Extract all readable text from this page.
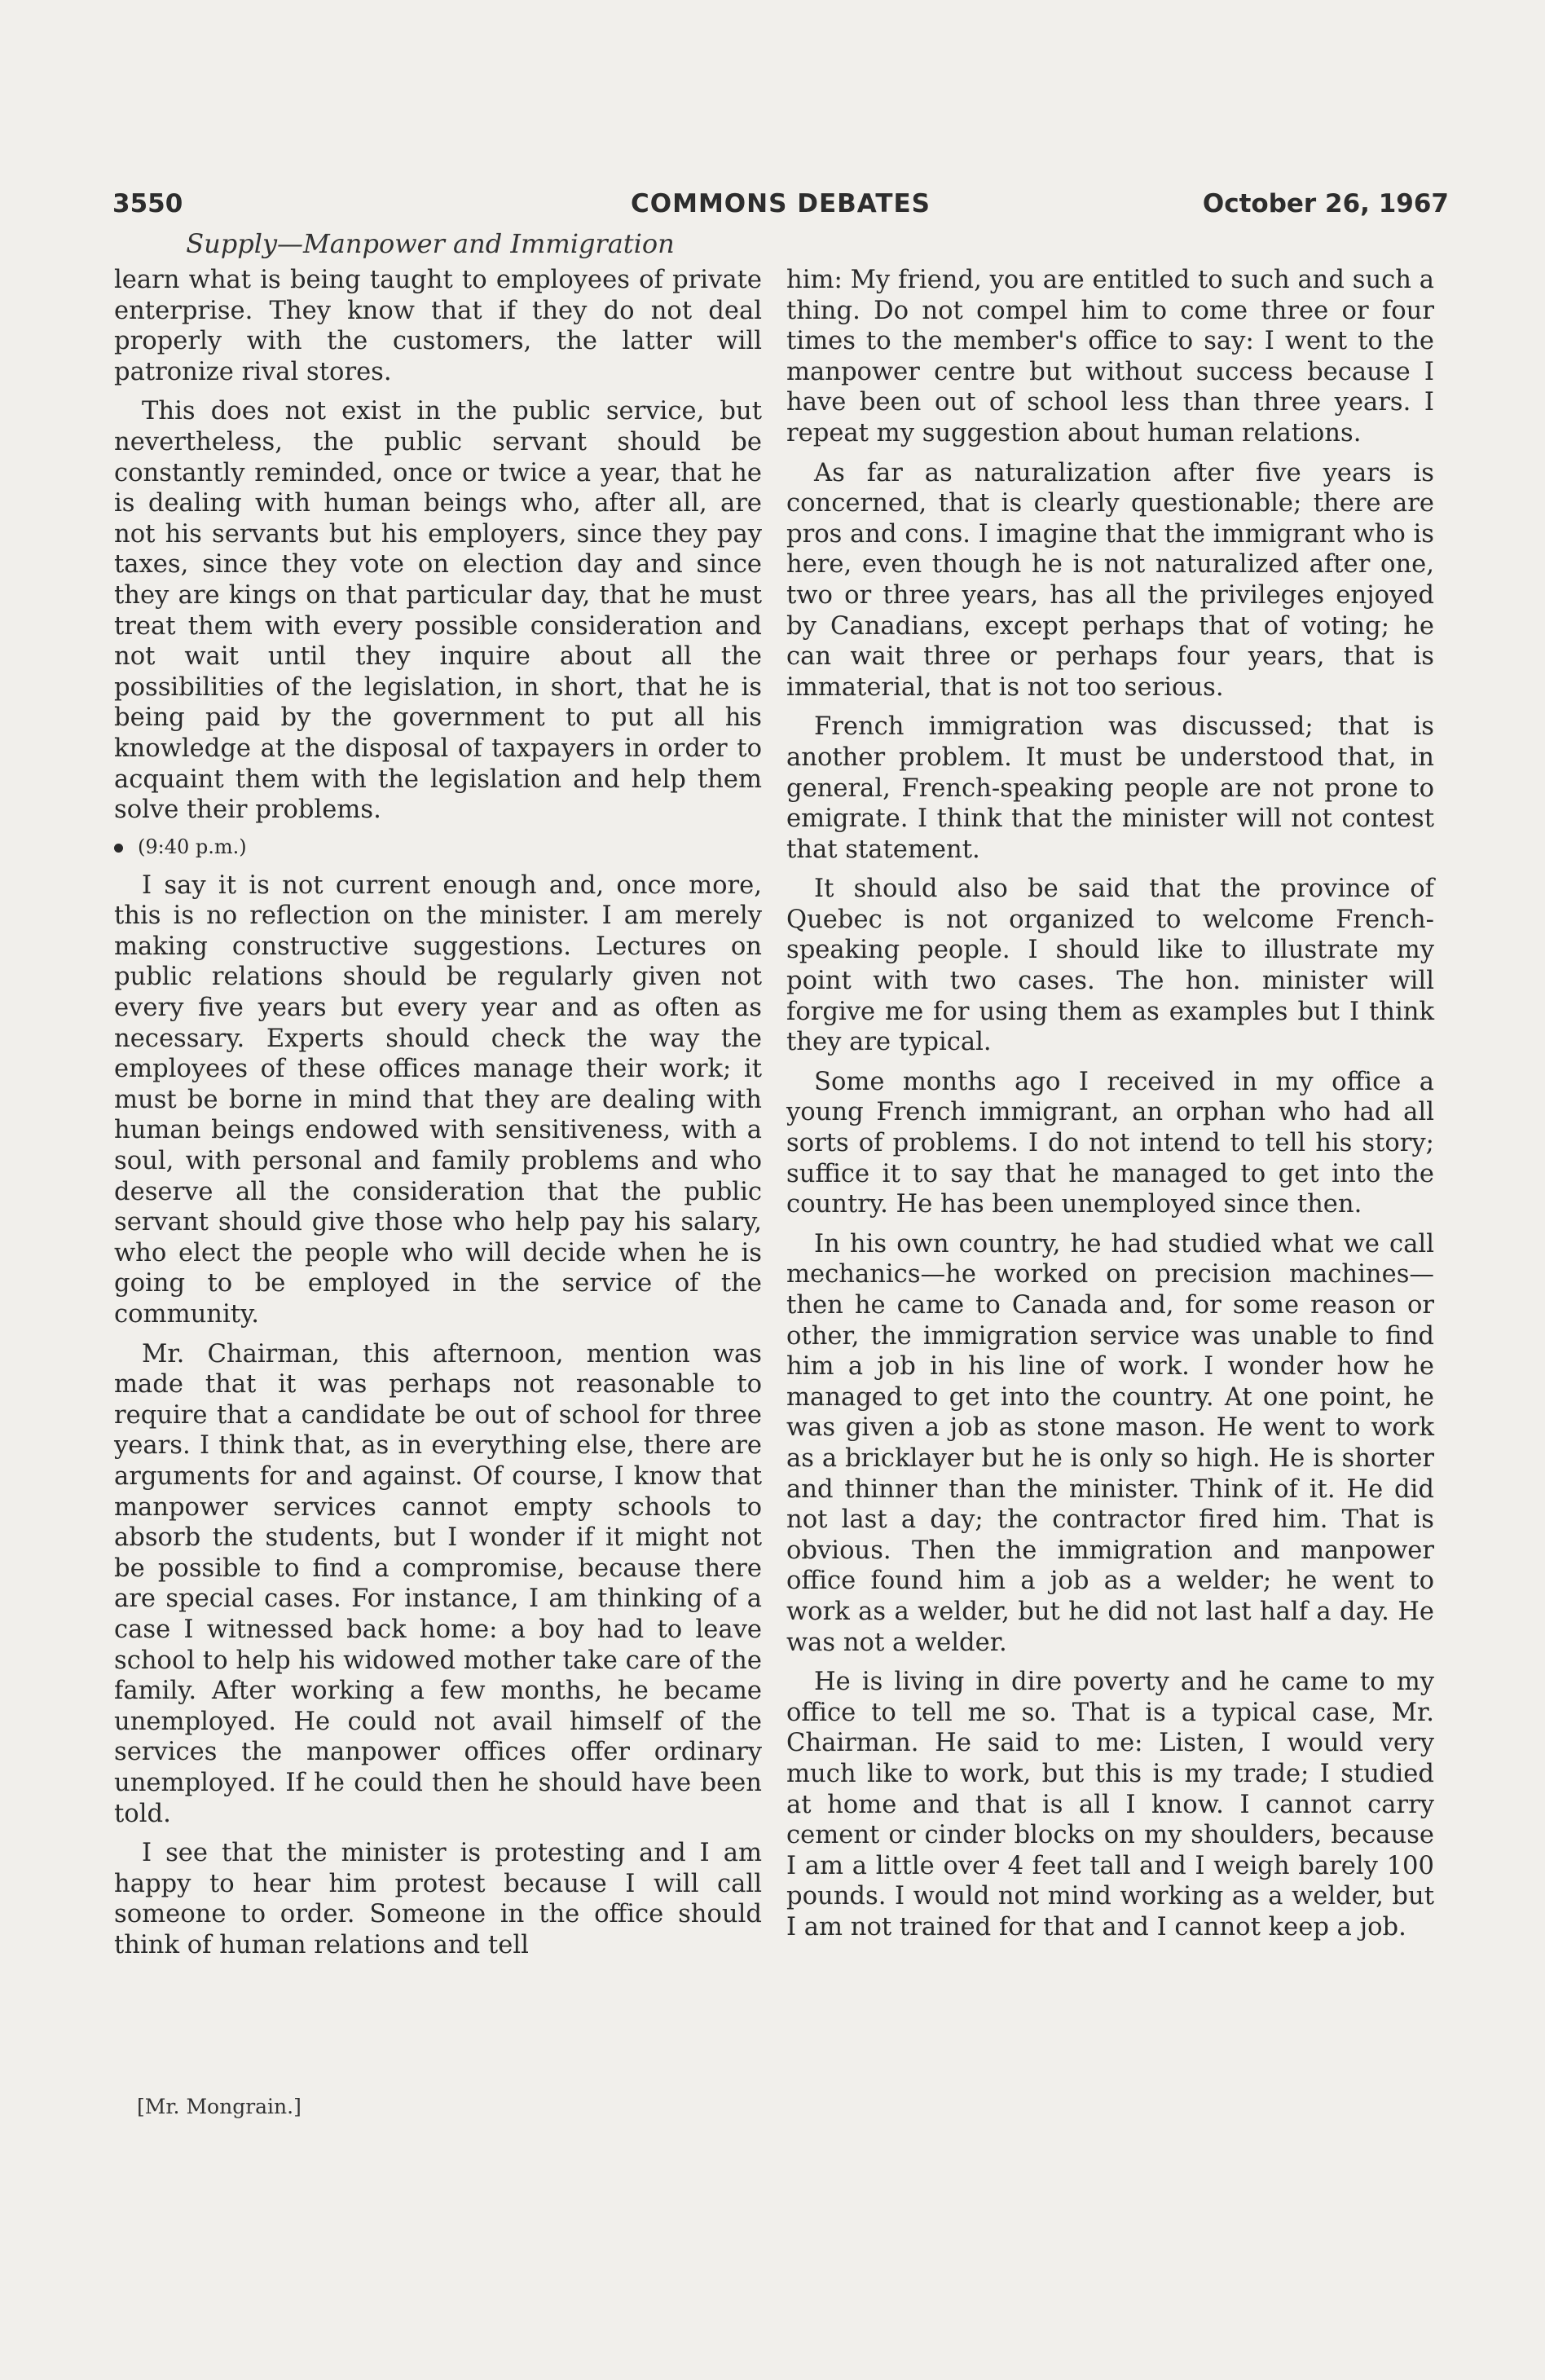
3550	COMMONS DEBATES	October 26, 1967
Supply—Manpower and Immigration

learn what is being taught to employees of private enterprise. They know that if they do not deal properly with the customers, the latter will patronize rival stores.

This does not exist in the public service, but nevertheless, the public servant should be constantly reminded, once or twice a year, that he is dealing with human beings who, after all, are not his servants but his employers, since they pay taxes, since they vote on election day and since they are kings on that particular day, that he must treat them with every possible consideration and not wait until they inquire about all the possibilities of the legislation, in short, that he is being paid by the government to put all his knowledge at the disposal of taxpayers in order to acquaint them with the legislation and help them solve their problems.

(9:40 p.m.)

I say it is not current enough and, once more, this is no reflection on the minister. I am merely making constructive suggestions. Lectures on public relations should be regularly given not every five years but every year and as often as necessary. Experts should check the way the employees of these offices manage their work; it must be borne in mind that they are dealing with human beings endowed with sensitiveness, with a soul, with personal and family problems and who deserve all the consideration that the public servant should give those who help pay his salary, who elect the people who will decide when he is going to be employed in the service of the community.

Mr. Chairman, this afternoon, mention was made that it was perhaps not reasonable to require that a candidate be out of school for three years. I think that, as in everything else, there are arguments for and against. Of course, I know that manpower services cannot empty schools to absorb the students, but I wonder if it might not be possible to find a compromise, because there are special cases. For instance, I am thinking of a case I witnessed back home: a boy had to leave school to help his widowed mother take care of the family. After working a few months, he became unemployed. He could not avail himself of the services the manpower offices offer ordinary unemployed. If he could then he should have been told.

I see that the minister is protesting and I am happy to hear him protest because I will call someone to order. Someone in the office should think of human relations and tell

him: My friend, you are entitled to such and such a thing. Do not compel him to come three or four times to the member's office to say: I went to the manpower centre but without success because I have been out of school less than three years. I repeat my suggestion about human relations.

As far as naturalization after five years is concerned, that is clearly questionable; there are pros and cons. I imagine that the immigrant who is here, even though he is not naturalized after one, two or three years, has all the privileges enjoyed by Canadians, except perhaps that of voting; he can wait three or perhaps four years, that is immaterial, that is not too serious.

French immigration was discussed; that is another problem. It must be understood that, in general, French-speaking people are not prone to emigrate. I think that the minister will not contest that statement.

It should also be said that the province of Quebec is not organized to welcome French-speaking people. I should like to illustrate my point with two cases. The hon. minister will forgive me for using them as examples but I think they are typical.

Some months ago I received in my office a young French immigrant, an orphan who had all sorts of problems. I do not intend to tell his story; suffice it to say that he managed to get into the country. He has been unemployed since then.

In his own country, he had studied what we call mechanics—he worked on precision machines—then he came to Canada and, for some reason or other, the immigration service was unable to find him a job in his line of work. I wonder how he managed to get into the country. At one point, he was given a job as stone mason. He went to work as a bricklayer but he is only so high. He is shorter and thinner than the minister. Think of it. He did not last a day; the contractor fired him. That is obvious. Then the immigration and manpower office found him a job as a welder; he went to work as a welder, but he did not last half a day. He was not a welder.

He is living in dire poverty and he came to my office to tell me so. That is a typical case, Mr. Chairman. He said to me: Listen, I would very much like to work, but this is my trade; I studied at home and that is all I know. I cannot carry cement or cinder blocks on my shoulders, because I am a little over 4 feet tall and I weigh barely 100 pounds. I would not mind working as a welder, but I am not trained for that and I cannot keep a job.

[Mr. Mongrain.]
